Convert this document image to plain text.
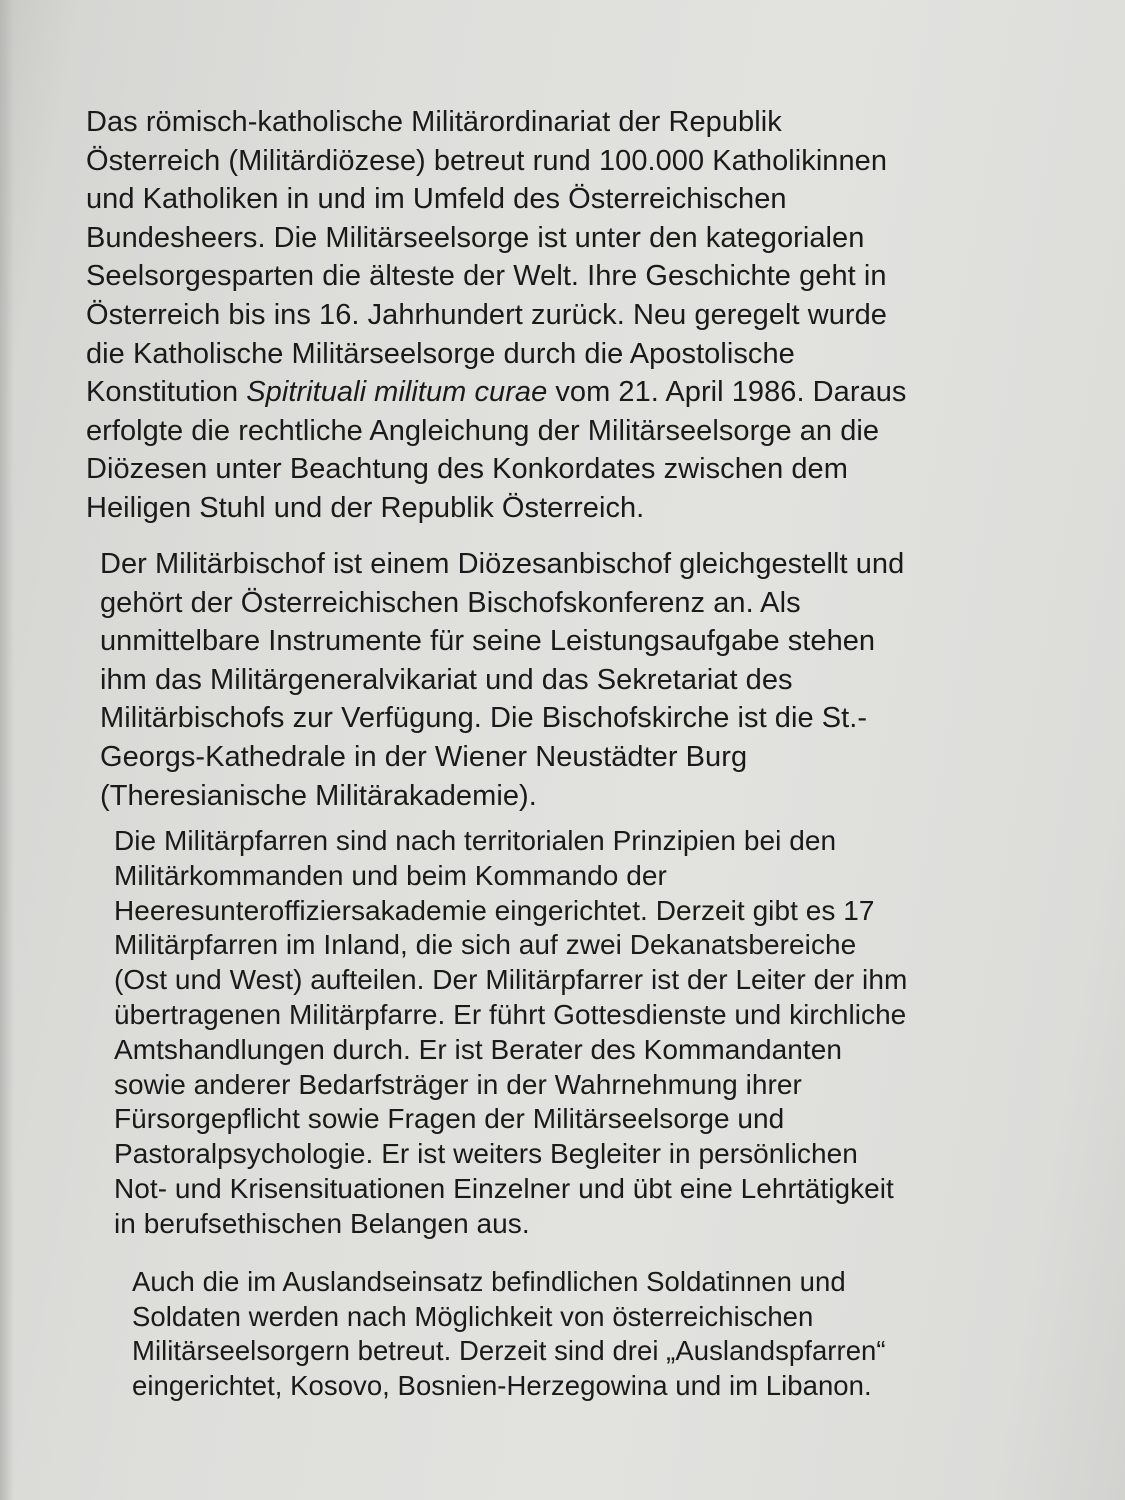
Das römisch-katholische Militärordinariat der Republik
Österreich (Militärdiözese) betreut rund 100.000 Katholikinnen
und Katholiken in und im Umfeld des Österreichischen
Bundesheers. Die Militärseelsorge ist unter den kategorialen
Seelsorgesparten die älteste der Welt. Ihre Geschichte geht in
Österreich bis ins 16. Jahrhundert zurück. Neu geregelt wurde
die Katholische Militärseelsorge durch die Apostolische
Konstitution Spitrituali militum curae vom 21. April 1986. Daraus
erfolgte die rechtliche Angleichung der Militärseelsorge an die
Diözesen unter Beachtung des Konkordates zwischen dem
Heiligen Stuhl und der Republik Österreich.

Der Militärbischof ist einem Diözesanbischof gleichgestellt und
gehört der Österreichischen Bischofskonferenz an. Als
unmittelbare Instrumente für seine Leistungsaufgabe stehen
ihm das Militärgeneralvikariat und das Sekretariat des
Militärbischofs zur Verfügung. Die Bischofskirche ist die St.-
Georgs-Kathedrale in der Wiener Neustädter Burg
(Theresianische Militärakademie).

Die Militärpfarren sind nach territorialen Prinzipien bei den
Militärkommanden und beim Kommando der
Heeresunteroffiziersakademie eingerichtet. Derzeit gibt es 17
Militärpfarren im Inland, die sich auf zwei Dekanatsbereiche
(Ost und West) aufteilen. Der Militärpfarrer ist der Leiter der ihm
übertragenen Militärpfarre. Er führt Gottesdienste und kirchliche
Amtshandlungen durch. Er ist Berater des Kommandanten
sowie anderer Bedarfsträger in der Wahrnehmung ihrer
Fürsorgepflicht sowie Fragen der Militärseelsorge und
Pastoralpsychologie. Er ist weiters Begleiter in persönlichen
Not- und Krisensituationen Einzelner und übt eine Lehrtätigkeit
in berufsethischen Belangen aus.

Auch die im Auslandseinsatz befindlichen Soldatinnen und
Soldaten werden nach Möglichkeit von österreichischen
Militärseelsorgern betreut. Derzeit sind drei „Auslandspfarren“
eingerichtet, Kosovo, Bosnien-Herzegowina und im Libanon.
